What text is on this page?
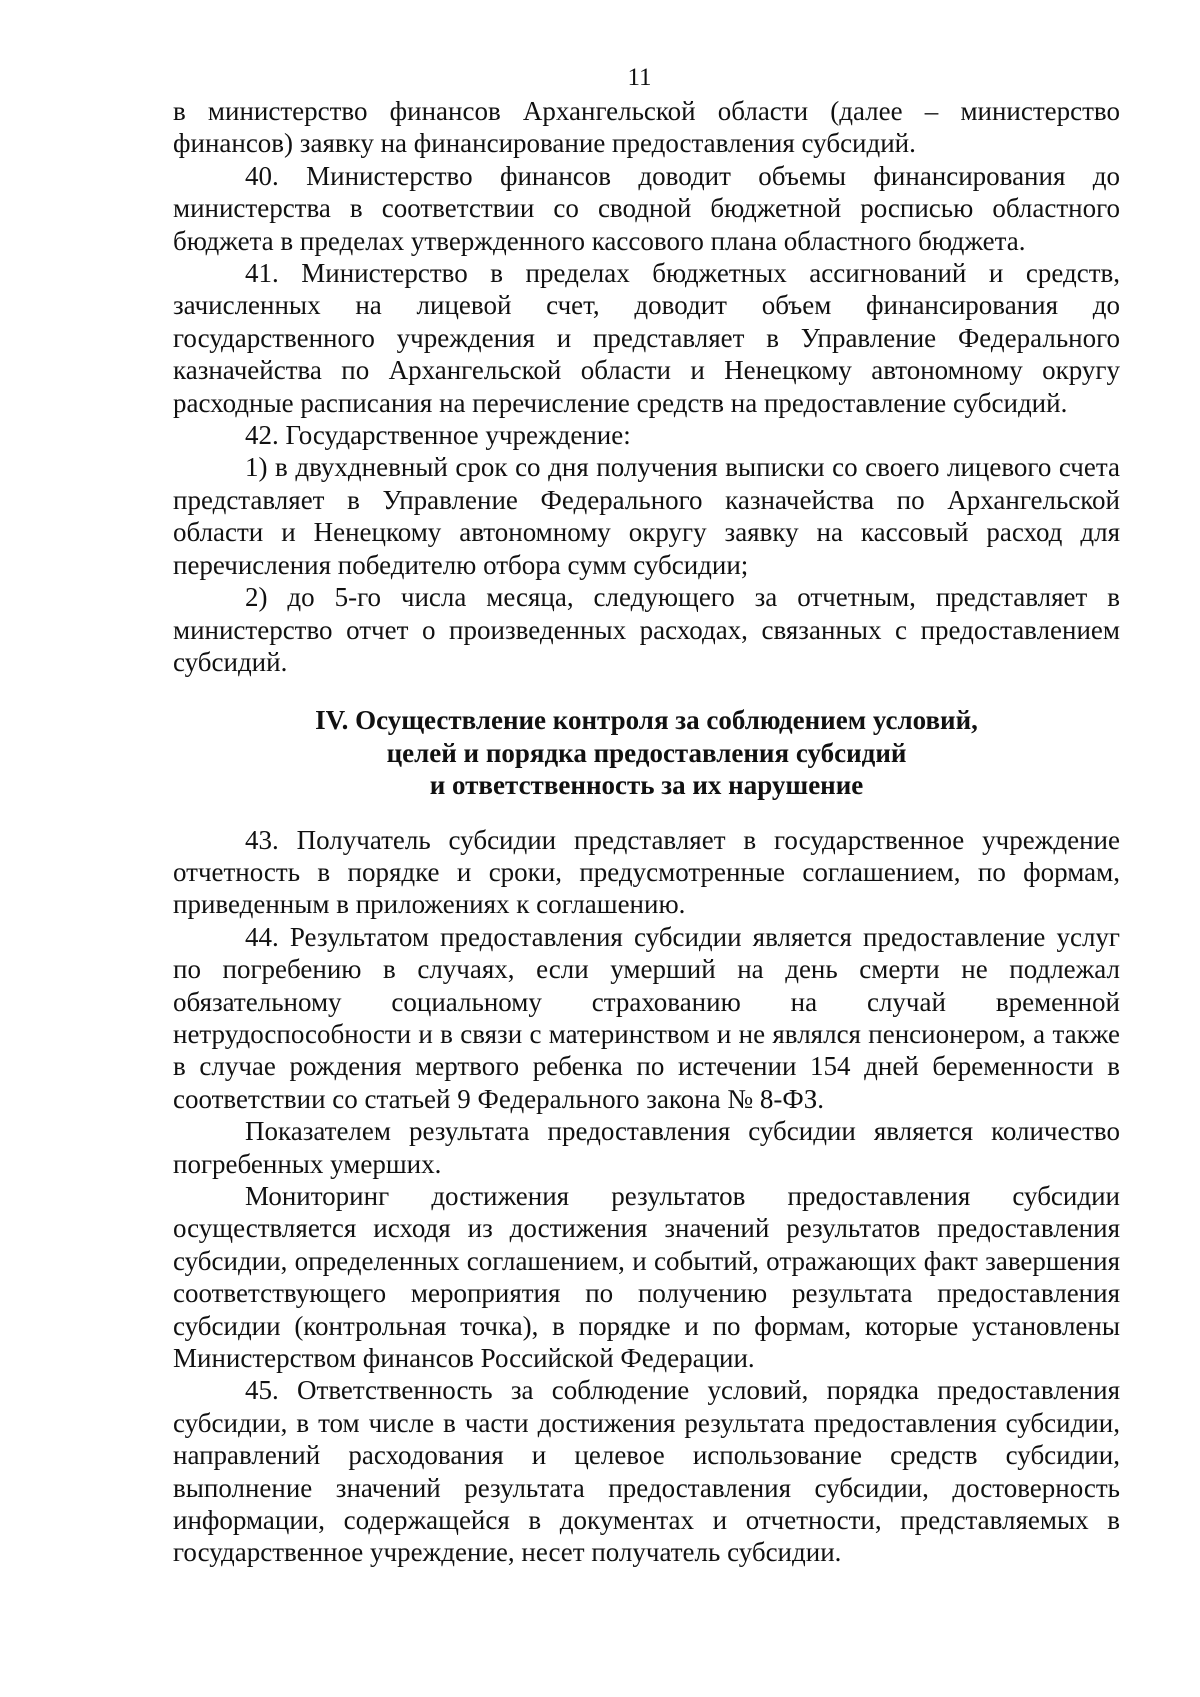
11

в министерство финансов Архангельской области (далее – министерство финансов) заявку на финансирование предоставления субсидий.

40. Министерство финансов доводит объемы финансирования до министерства в соответствии со сводной бюджетной росписью областного бюджета в пределах утвержденного кассового плана областного бюджета.

41. Министерство в пределах бюджетных ассигнований и средств, зачисленных на лицевой счет, доводит объем финансирования до государственного учреждения и представляет в Управление Федерального казначейства по Архангельской области и Ненецкому автономному округу расходные расписания на перечисление средств на предоставление субсидий.

42. Государственное учреждение:

1) в двухдневный срок со дня получения выписки со своего лицевого счета представляет в Управление Федерального казначейства по Архангельской области и Ненецкому автономному округу заявку на кассовый расход для перечисления победителю отбора сумм субсидии;

2) до 5-го числа месяца, следующего за отчетным, представляет в министерство отчет о произведенных расходах, связанных с предоставлением субсидий.

IV. Осуществление контроля за соблюдением условий,
целей и порядка предоставления субсидий
и ответственность за их нарушение

43. Получатель субсидии представляет в государственное учреждение отчетность в порядке и сроки, предусмотренные соглашением, по формам, приведенным в приложениях к соглашению.

44. Результатом предоставления субсидии является предоставление услуг по погребению в случаях, если умерший на день смерти не подлежал обязательному социальному страхованию на случай временной нетрудоспособности и в связи с материнством и не являлся пенсионером, а также в случае рождения мертвого ребенка по истечении 154 дней беременности в соответствии со статьей 9 Федерального закона № 8-ФЗ.

Показателем результата предоставления субсидии является количество погребенных умерших.

Мониторинг достижения результатов предоставления субсидии осуществляется исходя из достижения значений результатов предоставления субсидии, определенных соглашением, и событий, отражающих факт завершения соответствующего мероприятия по получению результата предоставления субсидии (контрольная точка), в порядке и по формам, которые установлены Министерством финансов Российской Федерации.

45. Ответственность за соблюдение условий, порядка предоставления субсидии, в том числе в части достижения результата предоставления субсидии, направлений расходования и целевое использование средств субсидии, выполнение значений результата предоставления субсидии, достоверность информации, содержащейся в документах и отчетности, представляемых в государственное учреждение, несет получатель субсидии.
